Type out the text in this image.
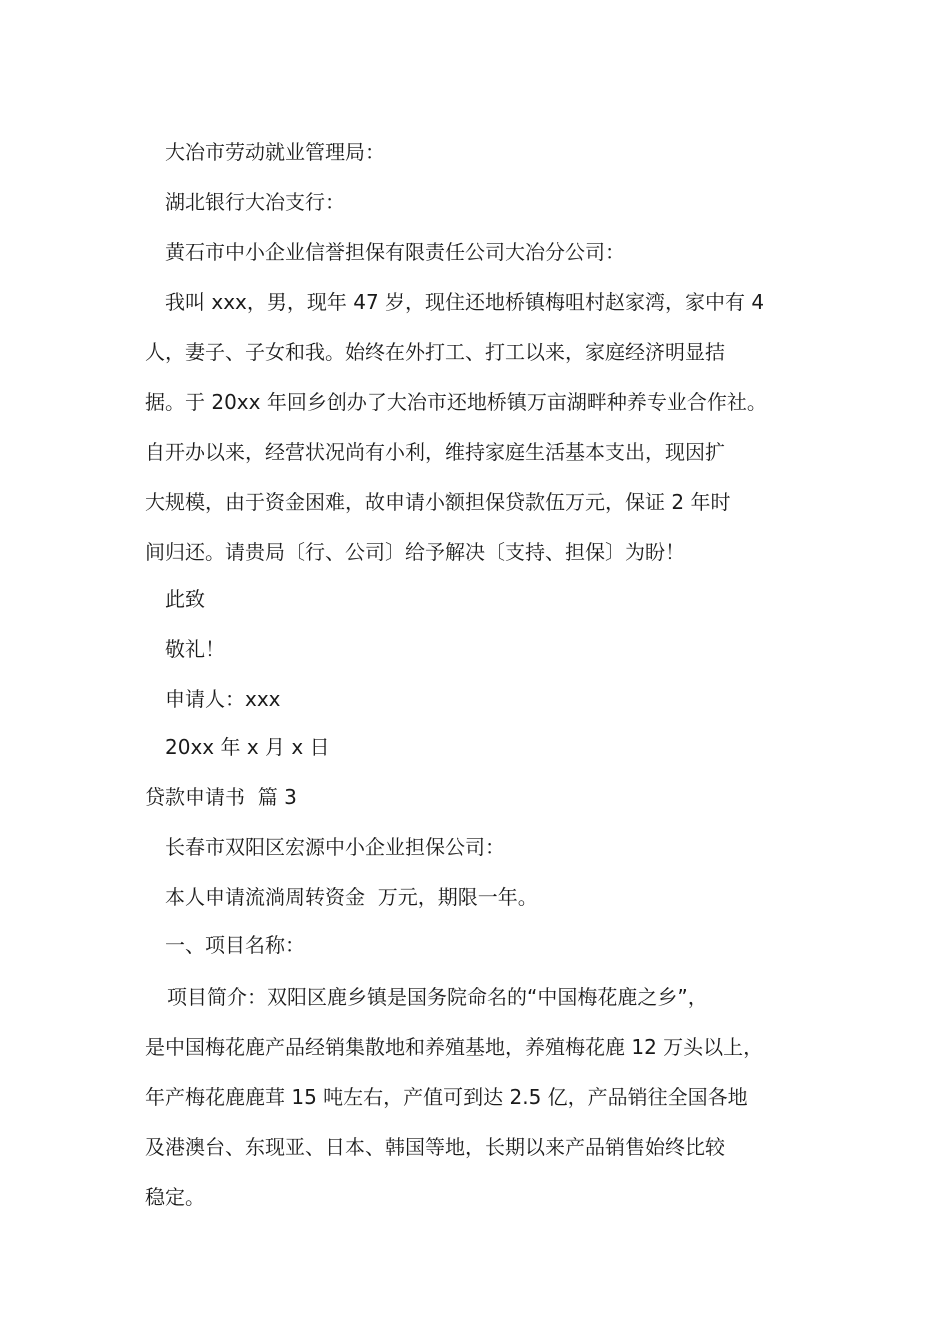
大冶市劳动就业管理局：

湖北银行大冶支行：

黄石市中小企业信誉担保有限责任公司大冶分公司：

我叫 xxx，男，现年 47 岁，现住还地桥镇梅咀村赵家湾，家中有 4
人，妻子、子女和我。始终在外打工、打工以来，家庭经济明显拮
据。于 20xx 年回乡创办了大冶市还地桥镇万亩湖畔种养专业合作社。
自开办以来，经营状况尚有小利，维持家庭生活基本支出，现因扩
大规模，由于资金困难，故申请小额担保贷款伍万元，保证 2 年时
间归还。请贵局〔行、公司〕给予解决〔支持、担保〕为盼！

此致

敬礼！

申请人：xxx

20xx 年 x 月 x 日

贷款申请书  篇 3

长春市双阳区宏源中小企业担保公司：

本人申请流淌周转资金  万元，期限一年。

一、项目名称：

项目简介：双阳区鹿乡镇是国务院命名的“中国梅花鹿之乡”，
是中国梅花鹿产品经销集散地和养殖基地，养殖梅花鹿 12 万头以上，
年产梅花鹿鹿茸 15 吨左右，产值可到达 2.5 亿，产品销往全国各地
及港澳台、东现亚、日本、韩国等地，长期以来产品销售始终比较
稳定。
